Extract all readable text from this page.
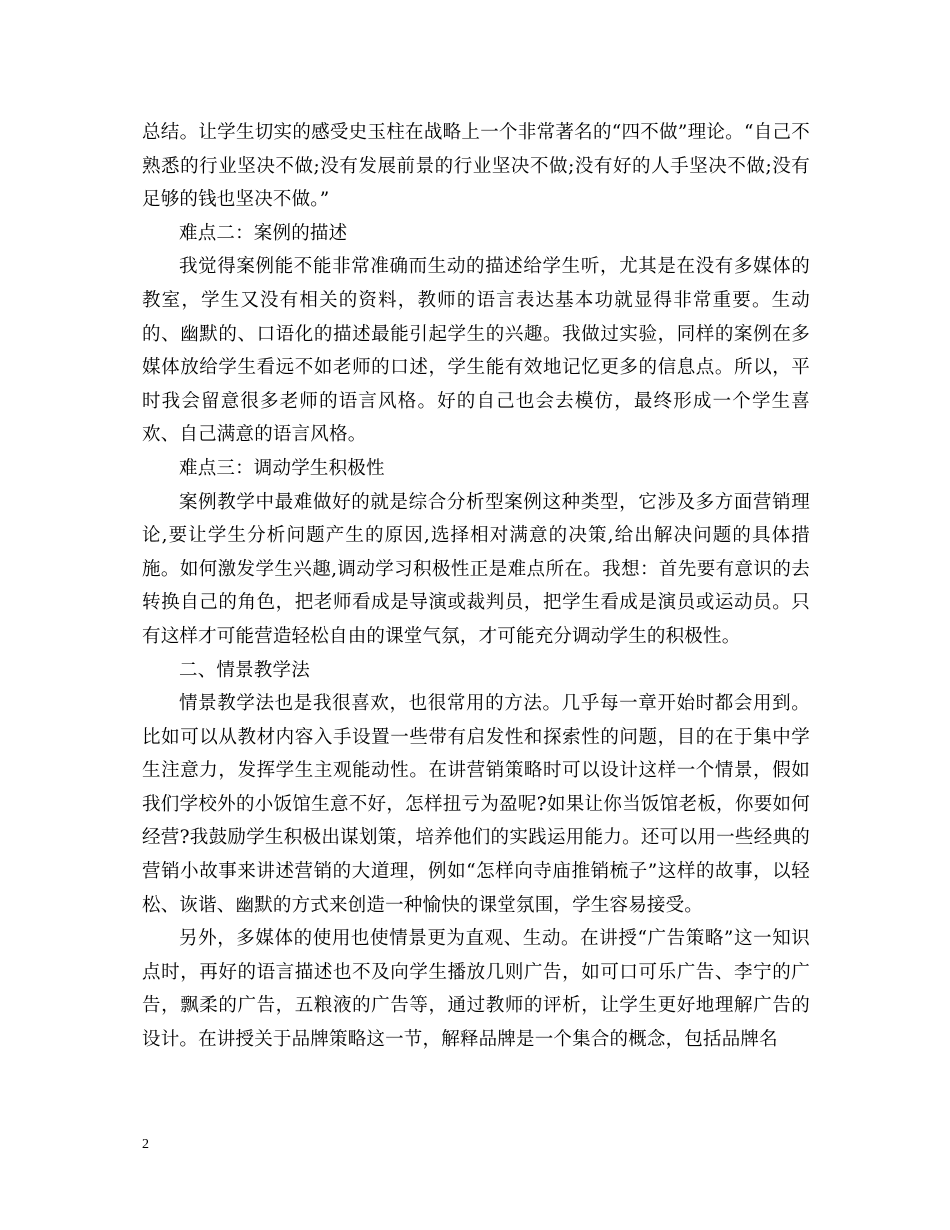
总结。让学生切实的感受史玉柱在战略上一个非常著名的“四不做”理论。“自己不熟悉的行业坚决不做;没有发展前景的行业坚决不做;没有好的人手坚决不做;没有足够的钱也坚决不做。”

难点二：案例的描述

我觉得案例能不能非常准确而生动的描述给学生听，尤其是在没有多媒体的教室，学生又没有相关的资料，教师的语言表达基本功就显得非常重要。生动的、幽默的、口语化的描述最能引起学生的兴趣。我做过实验，同样的案例在多媒体放给学生看远不如老师的口述，学生能有效地记忆更多的信息点。所以，平时我会留意很多老师的语言风格。好的自己也会去模仿，最终形成一个学生喜欢、自己满意的语言风格。

难点三：调动学生积极性

案例教学中最难做好的就是综合分析型案例这种类型，它涉及多方面营销理论,要让学生分析问题产生的原因,选择相对满意的决策,给出解决问题的具体措施。如何激发学生兴趣,调动学习积极性正是难点所在。我想：首先要有意识的去转换自己的角色，把老师看成是导演或裁判员，把学生看成是演员或运动员。只有这样才可能营造轻松自由的课堂气氛，才可能充分调动学生的积极性。

二、情景教学法

情景教学法也是我很喜欢，也很常用的方法。几乎每一章开始时都会用到。比如可以从教材内容入手设置一些带有启发性和探索性的问题，目的在于集中学生注意力，发挥学生主观能动性。在讲营销策略时可以设计这样一个情景，假如我们学校外的小饭馆生意不好，怎样扭亏为盈呢?如果让你当饭馆老板，你要如何经营?我鼓励学生积极出谋划策，培养他们的实践运用能力。还可以用一些经典的营销小故事来讲述营销的大道理，例如“怎样向寺庙推销梳子”这样的故事，以轻松、诙谐、幽默的方式来创造一种愉快的课堂氛围，学生容易接受。

另外，多媒体的使用也使情景更为直观、生动。在讲授“广告策略”这一知识点时，再好的语言描述也不及向学生播放几则广告，如可口可乐广告、李宁的广告，飘柔的广告，五粮液的广告等，通过教师的评析，让学生更好地理解广告的设计。在讲授关于品牌策略这一节，解释品牌是一个集合的概念，包括品牌名

2
